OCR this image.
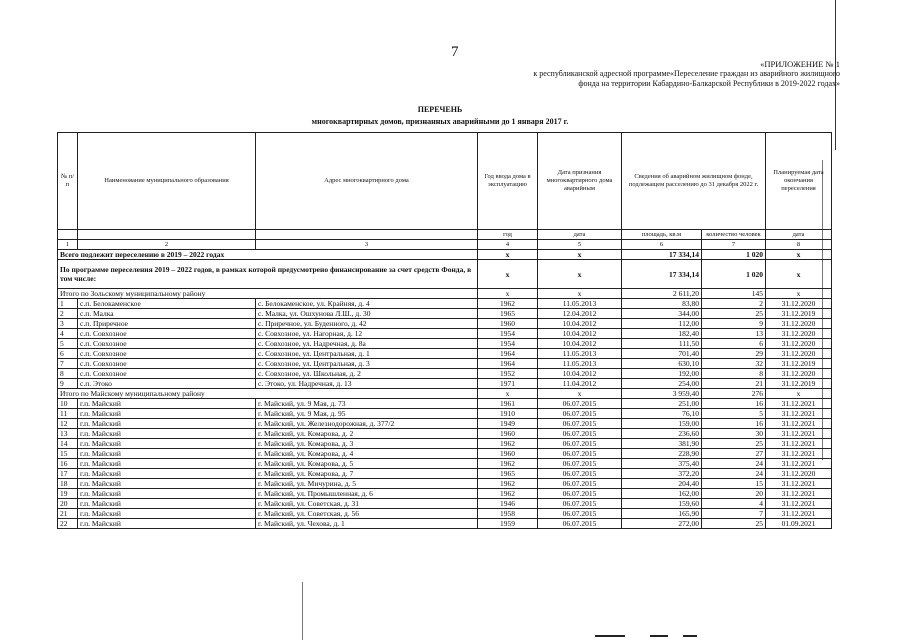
7
«ПРИЛОЖЕНИЕ № 1
к республиканской адресной программе«Переселение граждан из аварийного жилищного
фонда на территории Кабардино-Балкарской Республики в 2019-2022 годах»
ПЕРЕЧЕНЬ
многоквартирных домов, признанных аварийными до 1 января 2017 г.
№ п/п	Наименование муниципального образования	Адрес многоквартирного дома	Год ввода дома в эксплуатацию	Дата признания многоквартирного дома аварийным	Сведения об аварийном жилищном фонде, подлежащем расселению до 31 декабря 2022 г.		Планируемая дата окончания переселения
			год	дата	площадь, кв.м	количество человек	дата
1	2	3	4	5	6	7	8
Всего подлежит переселению в 2019 – 2022 годах			х	х	17 334,14	1 020	х
По программе переселения 2019 – 2022 годов, в рамках которой предусмотрено финансирование за счет средств Фонда, в том числе:			х	х	17 334,14	1 020	х
Итого по Зольскому муниципальному району			х	х	2 611,20	145	х
1	с.п. Белокаменское	с. Белокаменское, ул. Крайняя, д. 4	1962	11.05.2013	83,80	2	31.12.2020
2	с.п. Малка	с. Малка, ул. Ошхунова Л.Ш., д. 30	1965	12.04.2012	344,00	25	31.12.2019
3	с.п. Приречное	с. Приречное, ул. Буденного, д. 42	1960	10.04.2012	112,00	9	31.12.2020
4	с.п. Совхозное	с. Совхозное, ул. Нагорная, д. 12	1954	10.04.2012	182,40	13	31.12.2020
5	с.п. Совхозное	с. Совхозное, ул. Надречная, д. 8а	1954	10.04.2012	111,50	6	31.12.2020
6	с.п. Совхозное	с. Совхозное, ул. Центральная, д. 1	1964	11.05.2013	701,40	29	31.12.2020
7	с.п. Совхозное	с. Совхозное, ул. Центральная, д. 3	1964	11.05.2013	630,10	32	31.12.2019
8	с.п. Совхозное	с. Совхозное, ул. Школьная, д. 2	1952	10.04.2012	192,00	8	31.12.2020
9	с.п. Этоко	с. Этоко, ул. Надречная, д. 13	1971	11.04.2012	254,00	21	31.12.2019
Итого по Майскому муниципальному району			х	х	3 959,40	276	х
10	г.п. Майский	г. Майский, ул. 9 Мая, д. 73	1961	06.07.2015	251,00	16	31.12.2021
11	г.п. Майский	г. Майский, ул. 9 Мая, д. 95	1910	06.07.2015	76,10	5	31.12.2021
12	г.п. Майский	г. Майский, ул. Железнодорожная, д. 377/2	1949	06.07.2015	159,00	16	31.12.2021
13	г.п. Майский	г. Майский, ул. Комарова, д. 2	1960	06.07.2015	236,60	30	31.12.2021
14	г.п. Майский	г. Майский, ул. Комарова, д. 3	1962	06.07.2015	381,90	25	31.12.2021
15	г.п. Майский	г. Майский, ул. Комарова, д. 4	1960	06.07.2015	228,90	27	31.12.2021
16	г.п. Майский	г. Майский, ул. Комарова, д. 5	1962	06.07.2015	375,40	24	31.12.2021
17	г.п. Майский	г. Майский, ул. Комарова, д. 7	1965	06.07.2015	372,20	24	31.12.2020
18	г.п. Майский	г. Майский, ул. Мичурина, д. 5	1962	06.07.2015	204,40	15	31.12.2021
19	г.п. Майский	г. Майский, ул. Промышленная, д. 6	1962	06.07.2015	162,00	20	31.12.2021
20	г.п. Майский	г. Майский, ул. Советская, д. 31	1946	06.07.2015	159,60	4	31.12.2021
21	г.п. Майский	г. Майский, ул. Советская, д. 56	1958	06.07.2015	165,90	7	31.12.2021
22	г.п. Майский	г. Майский, ул. Чехова, д. 1	1959	06.07.2015	272,00	25	01.09.2021
